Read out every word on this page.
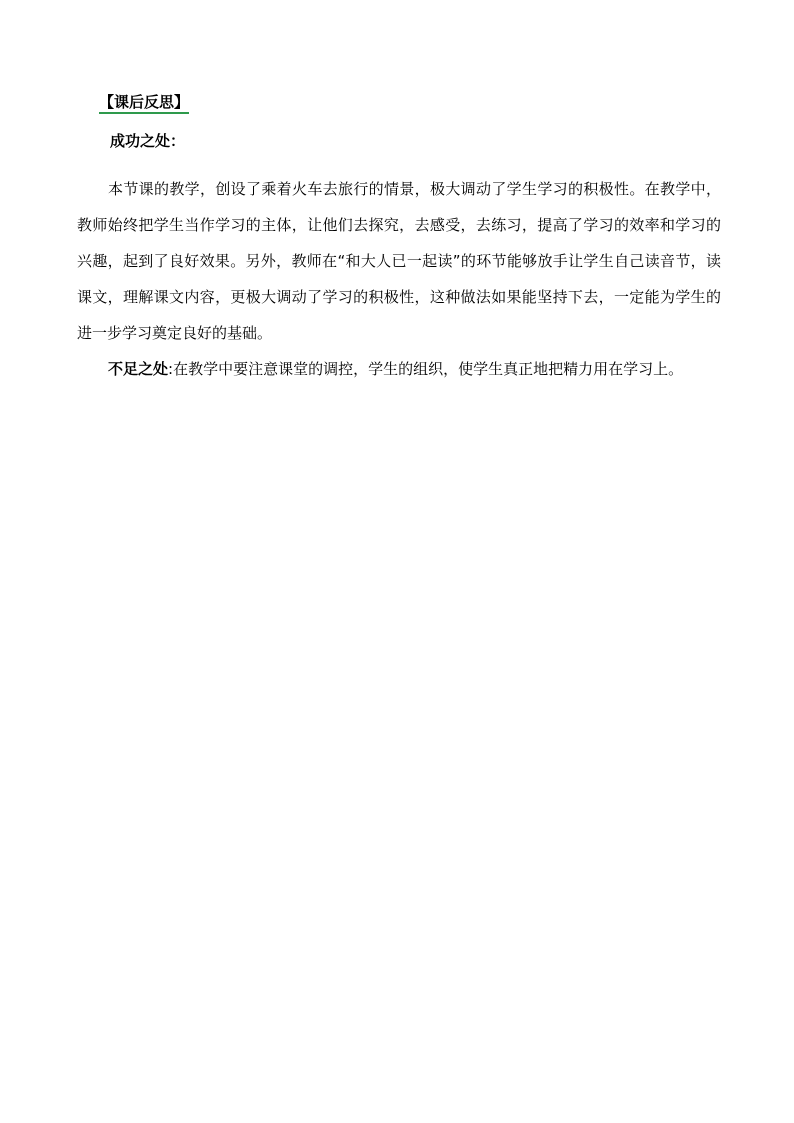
【课后反思】
成功之处：

本节课的教学，创设了乘着火车去旅行的情景，极大调动了学生学习的积极性。在教学中，教师始终把学生当作学习的主体，让他们去探究，去感受，去练习，提高了学习的效率和学习的兴趣，起到了良好效果。另外，教师在“和大人已一起读”的环节能够放手让学生自己读音节，读课文，理解课文内容，更极大调动了学习的积极性，这种做法如果能坚持下去，一定能为学生的进一步学习奠定良好的基础。

不足之处:在教学中要注意课堂的调控，学生的组织，使学生真正地把精力用在学习上。
